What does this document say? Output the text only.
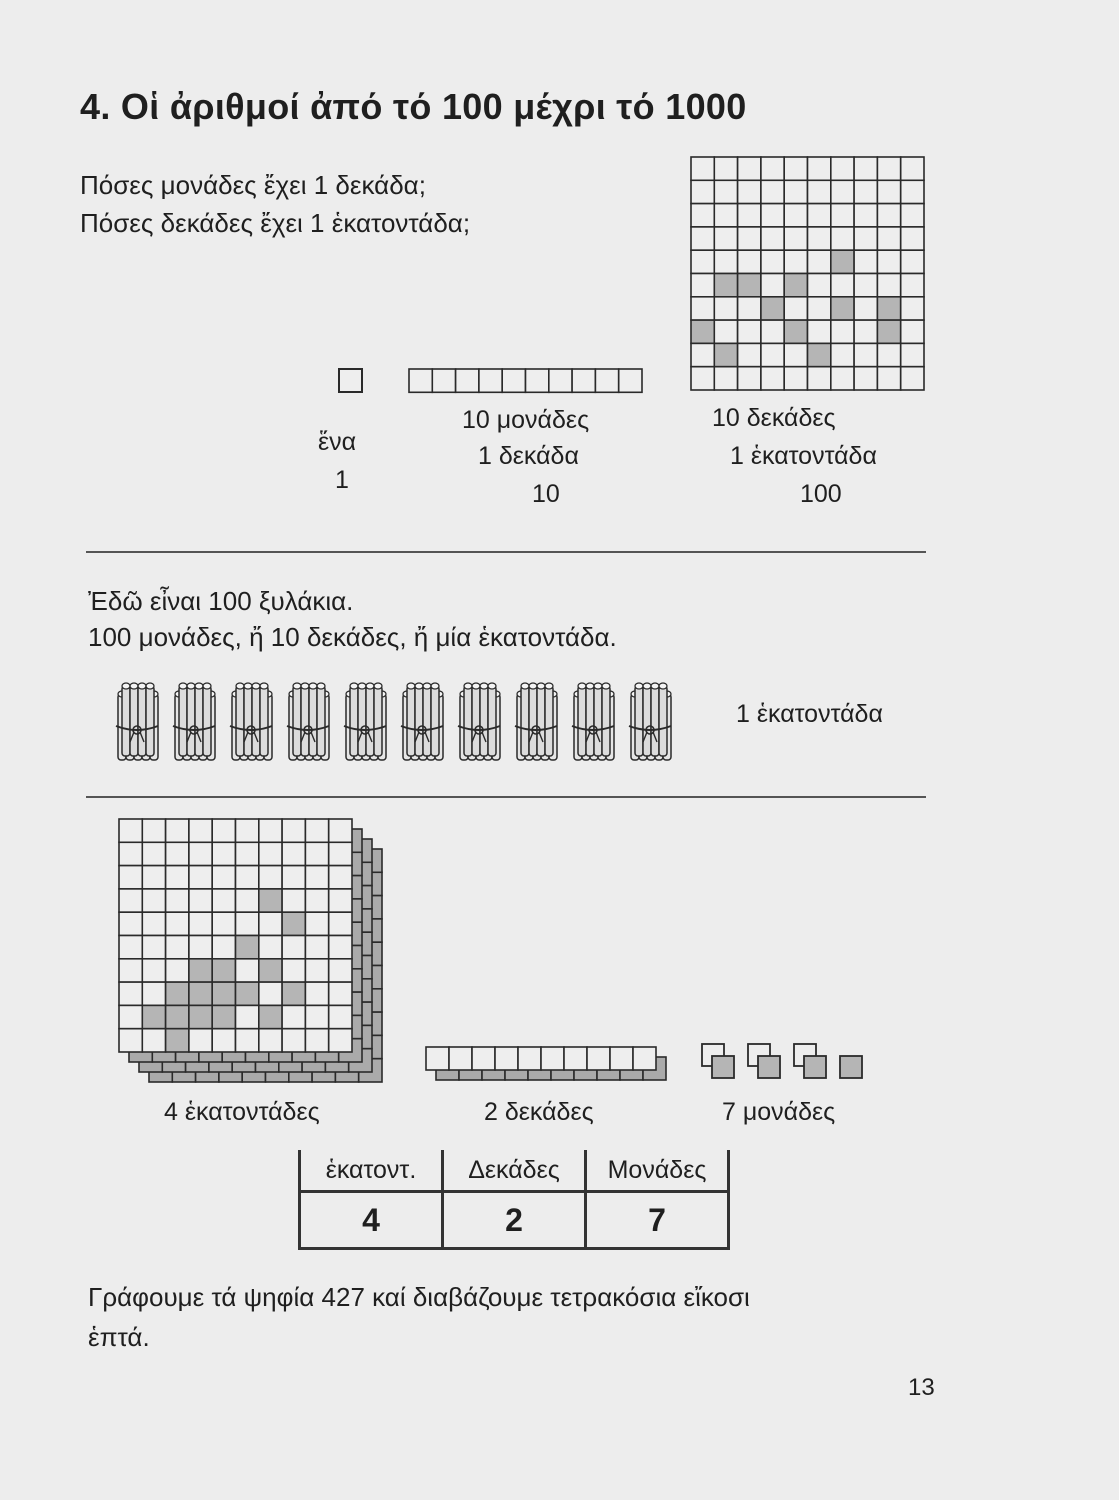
4. Οἱ ἀριθμοί ἀπό τό 100 μέχρι τό 1000
Πόσες μονάδες ἔχει 1 δεκάδα;
Πόσες δεκάδες ἔχει 1 ἑκατοντάδα;
ἕνα
1
10 μονάδες
1 δεκάδα
10
10 δεκάδες
1 ἑκατοντάδα
100
Ἐδῶ εἶναι 100 ξυλάκια.
100 μονάδες, ἤ 10 δεκάδες, ἤ μία ἑκατοντάδα.
1 ἑκατοντάδα
4 ἑκατοντάδες	2 δεκάδες	7 μονάδες
ἑκατοντ.	Δεκάδες	Μονάδες
4	2	7
Γράφουμε τά ψηφία 427 καί διαβάζουμε τετρακόσια εἴκοσι
ἑπτά.
13
